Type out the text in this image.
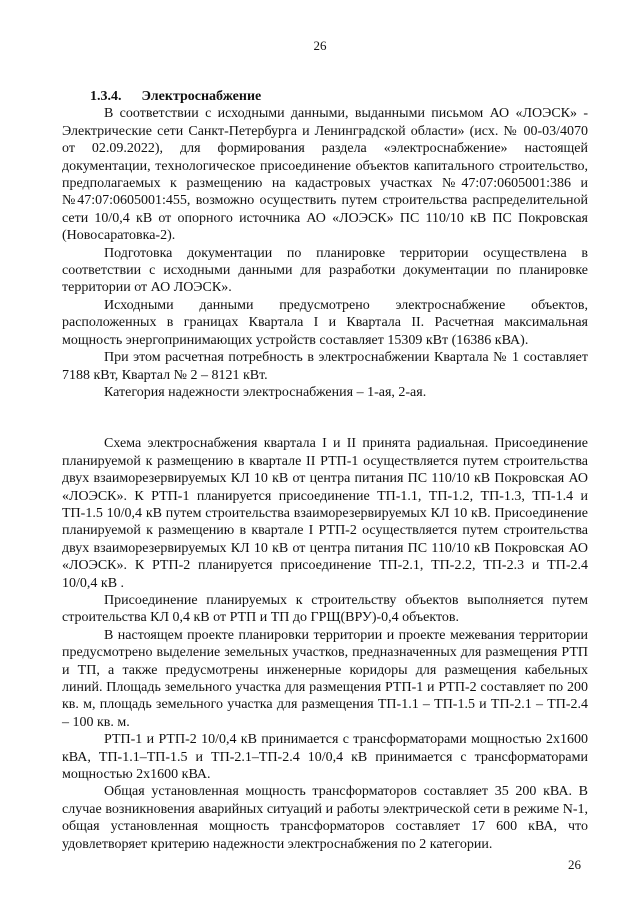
26
1.3.4. Электроснабжение

В соответствии с исходными данными, выданными письмом АО «ЛОЭСК» - Электрические сети Санкт-Петербурга и Ленинградской области» (исх. № 00-03/4070 от 02.09.2022), для формирования раздела «электроснабжение» настоящей документации, технологическое присоединение объектов капитального строительство, предполагаемых к размещению на кадастровых участках №47:07:0605001:386 и №47:07:0605001:455, возможно осуществить путем строительства распределительной сети 10/0,4 кВ от опорного источника АО «ЛОЭСК» ПС 110/10 кВ ПС Покровская (Новосаратовка-2).

Подготовка документации по планировке территории осуществлена в соответствии с исходными данными для разработки документации по планировке территории от АО ЛОЭСК».

Исходными данными предусмотрено электроснабжение объектов, расположенных в границах Квартала I и Квартала II. Расчетная максимальная мощность энергопринимающих устройств составляет 15309 кВт (16386 кВА).

При этом расчетная потребность в электроснабжении Квартала № 1 составляет 7188 кВт, Квартал № 2 – 8121 кВт.

Категория надежности электроснабжения – 1-ая, 2-ая.

Схема электроснабжения квартала I и II принята радиальная. Присоединение планируемой к размещению в квартале II РТП-1 осуществляется путем строительства двух взаиморезервируемых КЛ 10 кВ от центра питания ПС 110/10 кВ Покровская АО «ЛОЭСК». К РТП-1 планируется присоединение ТП-1.1, ТП-1.2, ТП-1.3, ТП-1.4 и ТП-1.5 10/0,4 кВ путем строительства взаиморезервируемых КЛ 10 кВ. Присоединение планируемой к размещению в квартале I РТП-2 осуществляется путем строительства двух взаиморезервируемых КЛ 10 кВ от центра питания ПС 110/10 кВ Покровская АО «ЛОЭСК». К РТП-2 планируется присоединение ТП-2.1, ТП-2.2, ТП-2.3 и ТП-2.4 10/0,4 кВ .

Присоединение планируемых к строительству объектов выполняется путем строительства КЛ 0,4 кВ от РТП и ТП до ГРЩ(ВРУ)-0,4 объектов.

В настоящем проекте планировки территории и проекте межевания территории предусмотрено выделение земельных участков, предназначенных для размещения РТП и ТП, а также предусмотрены инженерные коридоры для размещения кабельных линий. Площадь земельного участка для размещения РТП-1 и РТП-2 составляет по 200 кв. м, площадь земельного участка для размещения ТП-1.1 – ТП-1.5 и ТП-2.1 – ТП-2.4 – 100 кв. м.

РТП-1 и РТП-2 10/0,4 кВ принимается с трансформаторами мощностью 2х1600 кВА, ТП-1.1–ТП-1.5 и ТП-2.1–ТП-2.4 10/0,4 кВ принимается с трансформаторами мощностью 2х1600 кВА.

Общая установленная мощность трансформаторов составляет 35 200 кВА. В случае возникновения аварийных ситуаций и работы электрической сети в режиме N-1, общая установленная мощность трансформаторов составляет 17 600 кВА, что удовлетворяет критерию надежности электроснабжения по 2 категории.

26
